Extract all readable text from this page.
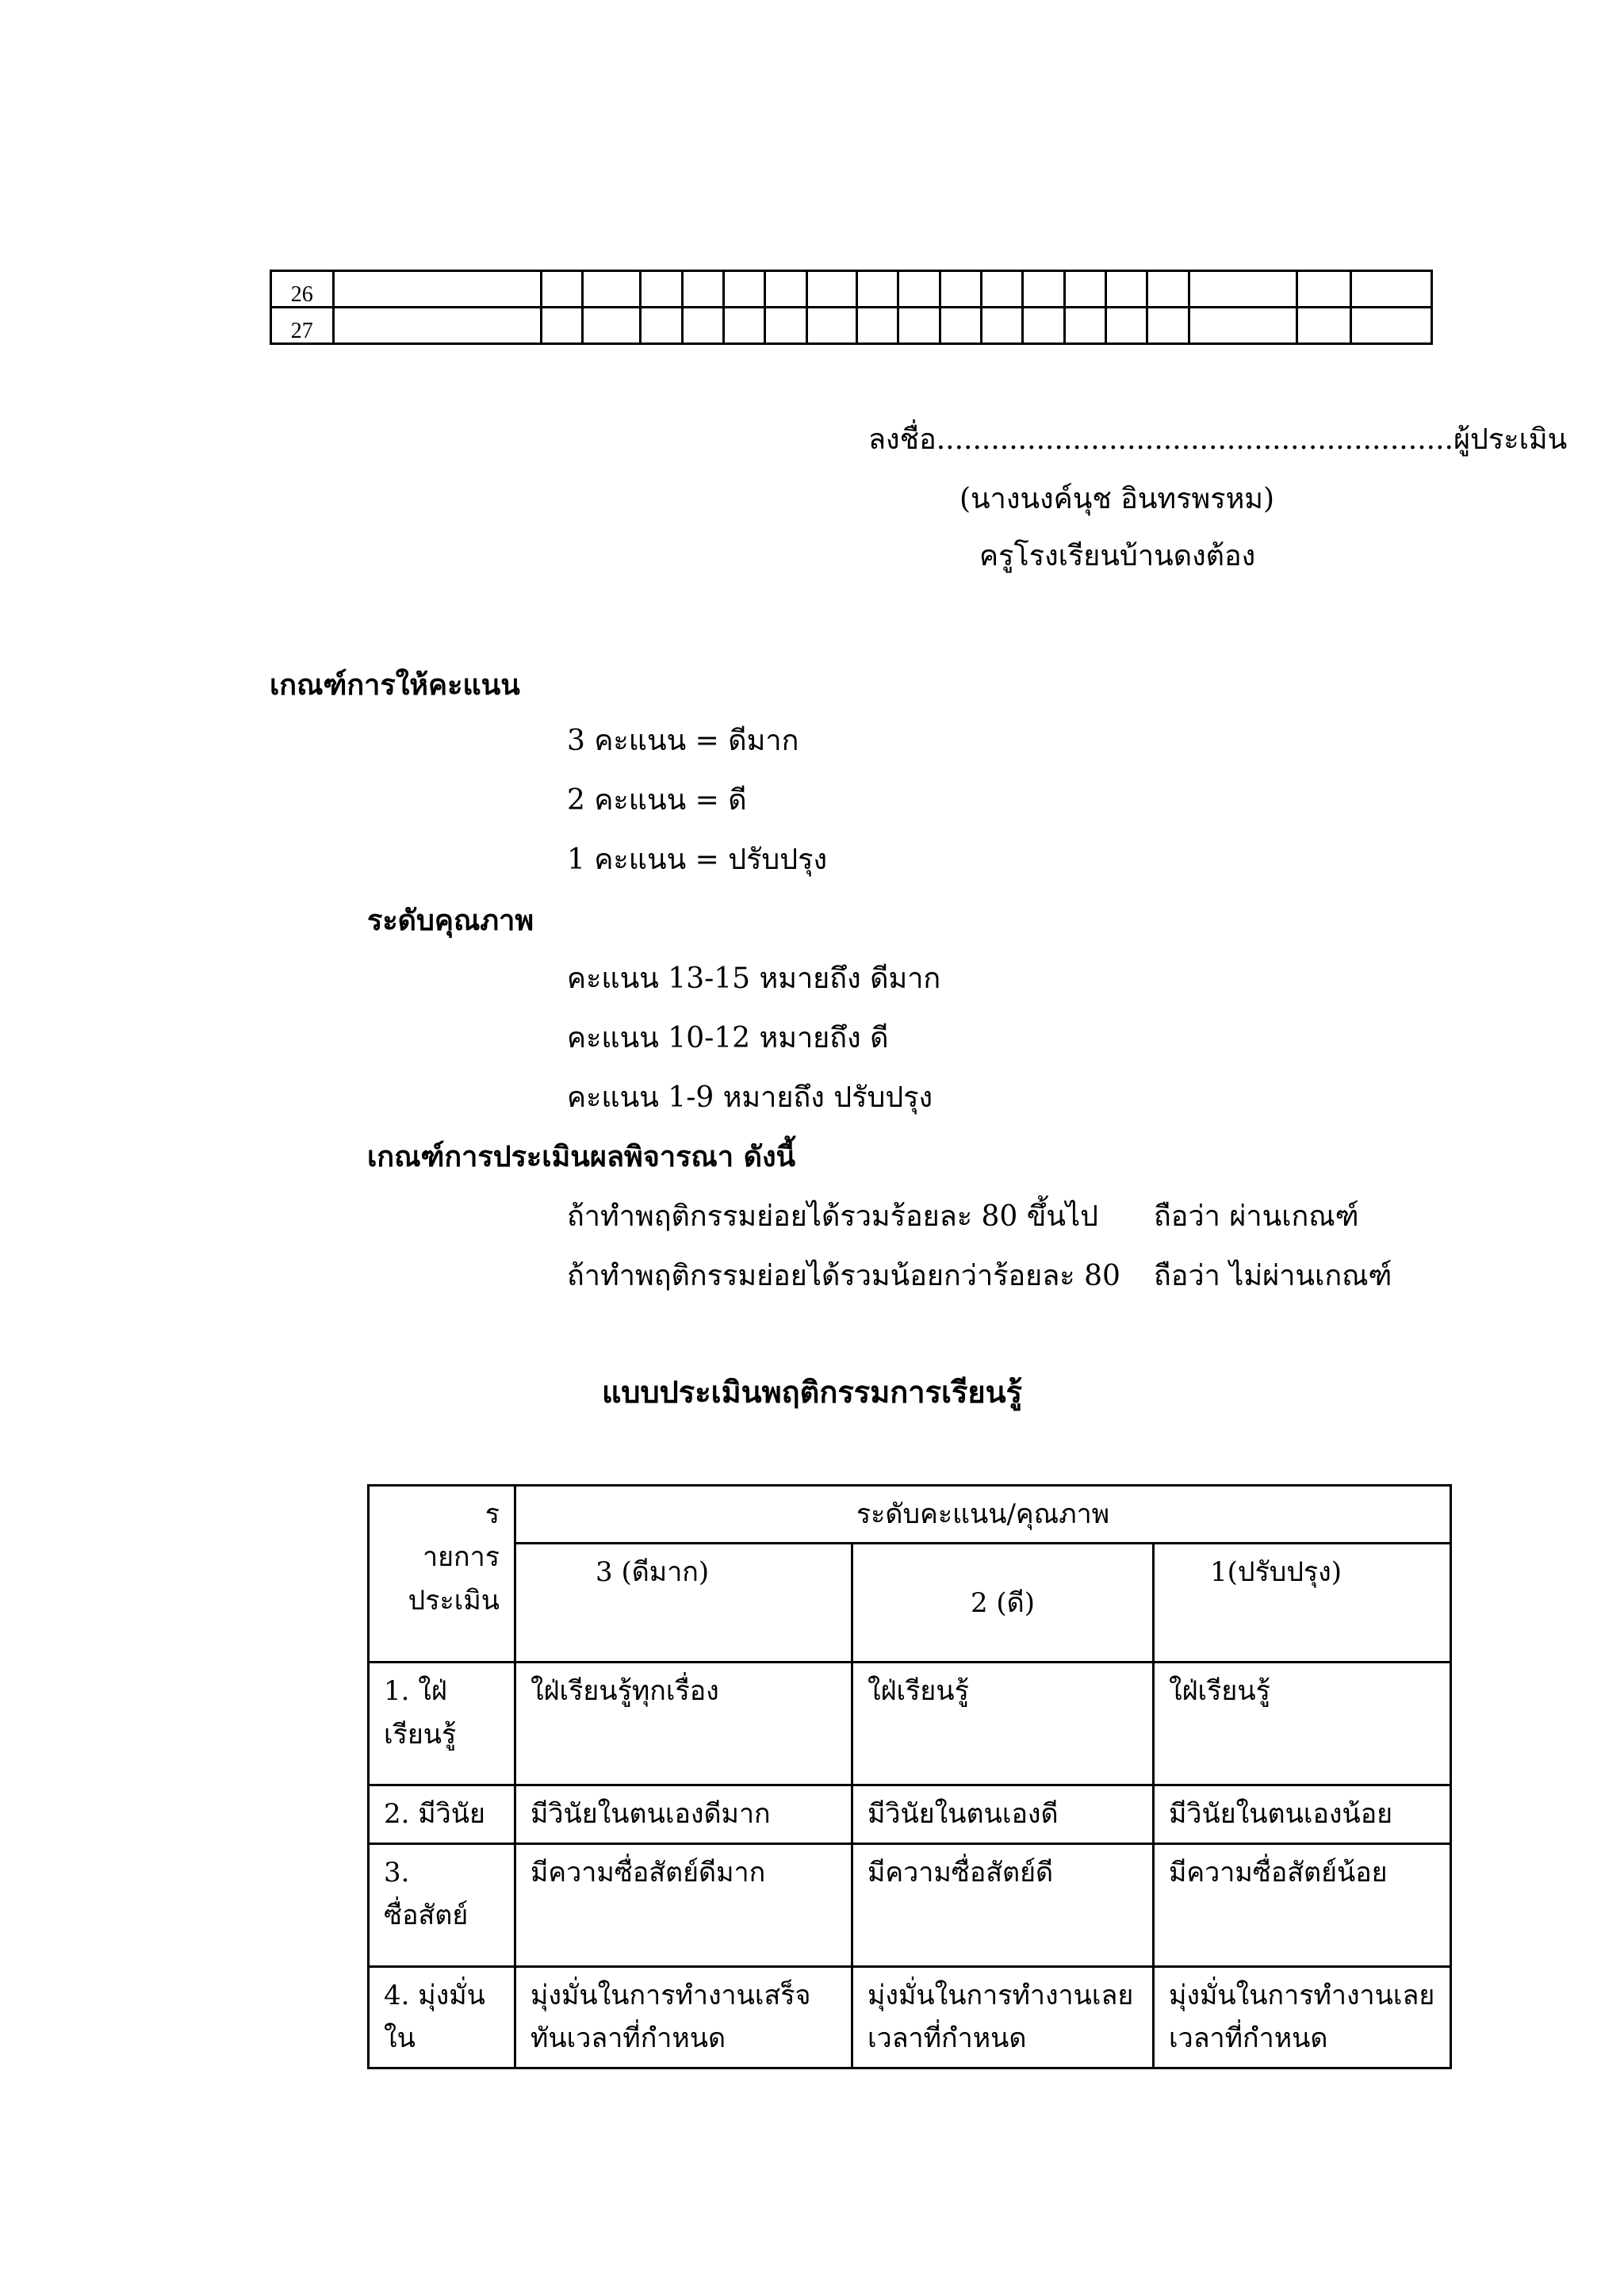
26																			
27																			
ลงชื่อ.........................................................ผู้ประเมิน
(นางนงค์นุช อินทรพรหม)
ครูโรงเรียนบ้านดงต้อง
เกณฑ์การให้คะแนน
3 คะแนน = ดีมาก
2 คะแนน = ดี
1 คะแนน = ปรับปรุง
ระดับคุณภาพ
คะแนน 13-15 หมายถึง ดีมาก
คะแนน 10-12 หมายถึง ดี
คะแนน 1-9 หมายถึง ปรับปรุง
เกณฑ์การประเมินผลพิจารณา ดังนี้
ถ้าทำพฤติกรรมย่อยได้รวมร้อยละ 80 ขึ้นไป ถือว่า ผ่านเกณฑ์
ถ้าทำพฤติกรรมย่อยได้รวมน้อยกว่าร้อยละ 80 ถือว่า ไม่ผ่านเกณฑ์
แบบประเมินพฤติกรรมการเรียนรู้
ร
ายการประเมิน	ระดับคะแนน/คุณภาพ		
	3 (ดีมาก)	2 (ดี)	1(ปรับปรุง)
1. ใฝ่เรียนรู้	ใฝ่เรียนรู้ทุกเรื่อง	ใฝ่เรียนรู้	ใฝ่เรียนรู้
2. มีวินัย	มีวินัยในตนเองดีมาก	มีวินัยในตนเองดี	มีวินัยในตนเองน้อย
3. ซื่อสัตย์	มีความซื่อสัตย์ดีมาก	มีความซื่อสัตย์ดี	มีความซื่อสัตย์น้อย
4. มุ่งมั่นใน	มุ่งมั่นในการทำงานเสร็จทันเวลาที่กำหนด	มุ่งมั่นในการทำงานเลยเวลาที่กำหนด	มุ่งมั่นในการทำงานเลยเวลาที่กำหนด
